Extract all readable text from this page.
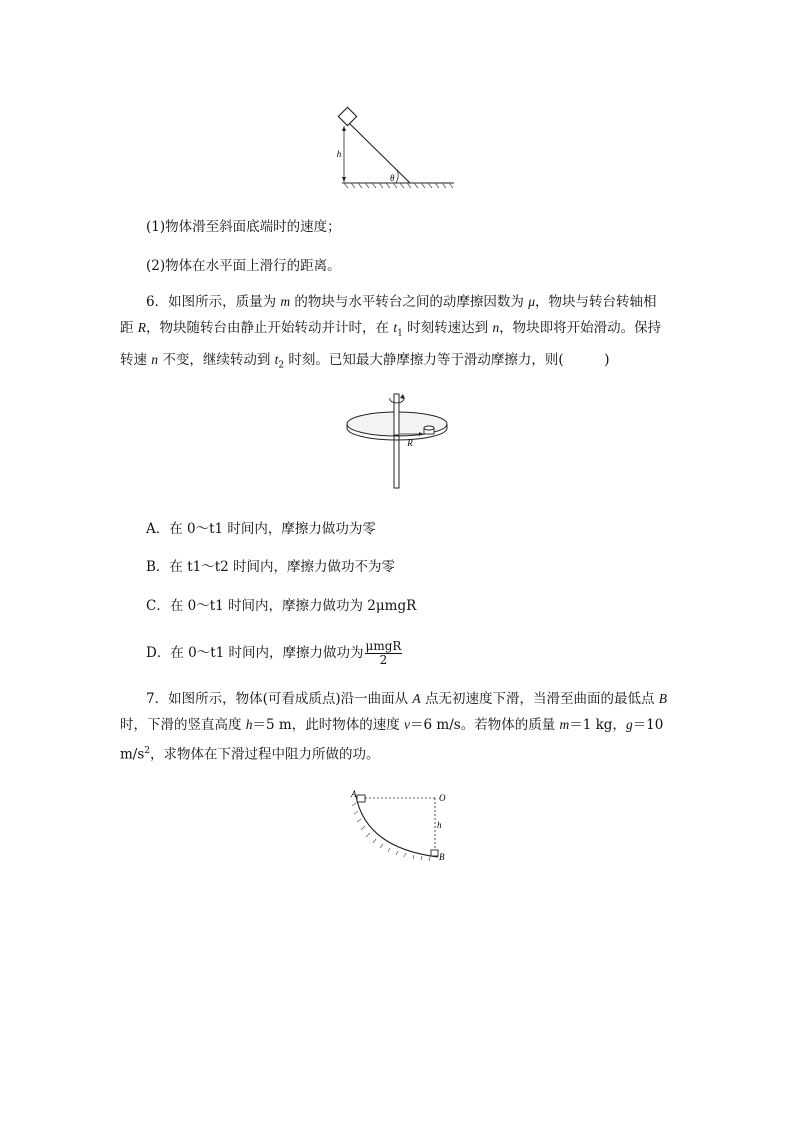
h
θ
(1)物体滑至斜面底端时的速度；
(2)物体在水平面上滑行的距离。
6．如图所示，质量为 m 的物块与水平转台之间的动摩擦因数为 μ，物块与转台转轴相
距 R，物块随转台由静止开始转动并计时，在 $t_1$ 时刻转速达到 n，物块即将开始滑动。保持
转速 n 不变，继续转动到 $t_2$ 时刻。已知最大静摩擦力等于滑动摩擦力，则(　　　)
R
A．在 0～t1 时间内，摩擦力做功为零
B．在 t1～t2 时间内，摩擦力做功不为零
C．在 0～t1 时间内，摩擦力做功为 2μmgR
D．在 0～t1 时间内，摩擦力做功为 $\frac{\text{μmgR}}{2}$
7．如图所示，物体(可看成质点)沿一曲面从 A 点无初速度下滑，当滑至曲面的最低点 B
时，下滑的竖直高度 h＝5 m，此时物体的速度 v＝6 m/s。若物体的质量 m＝1 kg，g＝10
$m/s^2$，求物体在下滑过程中阻力所做的功。
A	O
h
B
